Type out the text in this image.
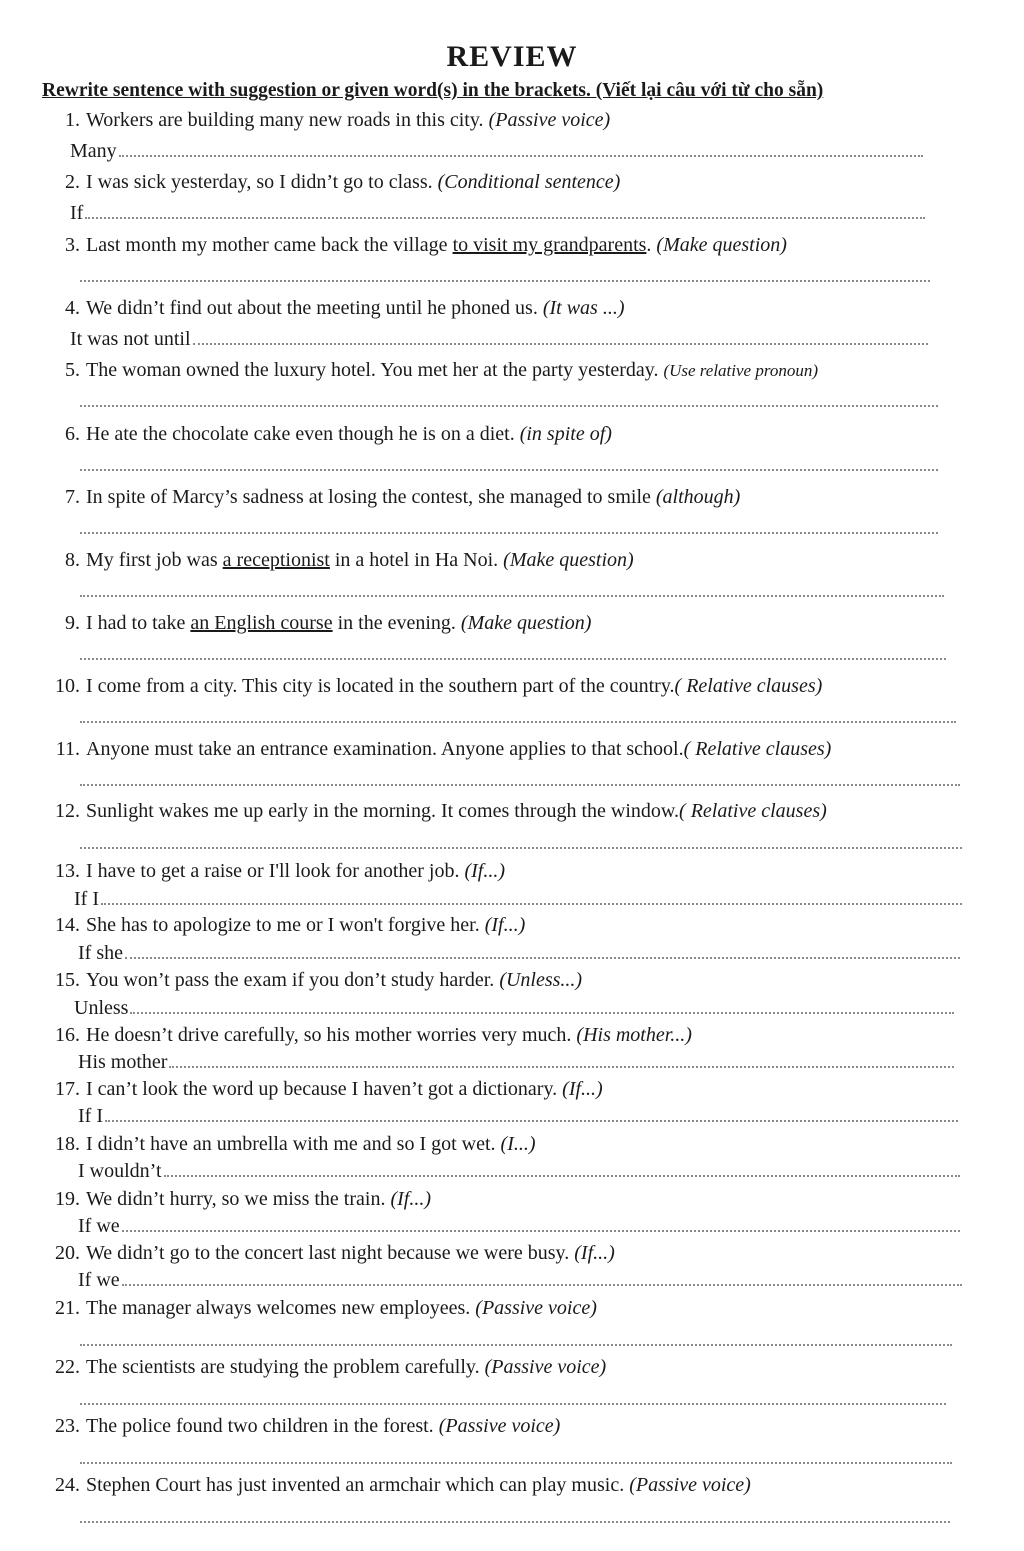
REVIEW
Rewrite sentence with suggestion or given word(s) in the brackets. (Viết lại câu với từ cho sẵn)
1. Workers are building many new roads in this city. (Passive voice)
Many
2. I was sick yesterday, so I didn’t go to class. (Conditional sentence)
If
3. Last month my mother came back the village to visit my grandparents. (Make question)
4. We didn’t find out about the meeting until he phoned us. (It was ...)
It was not until
5. The woman owned the luxury hotel. You met her at the party yesterday. (Use relative pronoun)
6. He ate the chocolate cake even though he is on a diet. (in spite of)
7. In spite of Marcy’s sadness at losing the contest, she managed to smile (although)
8. My first job was a receptionist in a hotel in Ha Noi. (Make question)
9. I had to take an English course in the evening. (Make question)
10. I come from a city. This city is located in the southern part of the country.( Relative clauses)
11. Anyone must take an entrance examination. Anyone applies to that school.( Relative clauses)
12. Sunlight wakes me up early in the morning. It comes through the window.( Relative clauses)
13. I have to get a raise or I'll look for another job. (If...)
If I
14. She has to apologize to me or I won't forgive her. (If...)
If she
15. You won’t pass the exam if you don’t study harder. (Unless...)
Unless
16. He doesn’t drive carefully, so his mother worries very much. (His mother...)
His mother
17. I can’t look the word up because I haven’t got a dictionary. (If...)
If I
18. I didn’t have an umbrella with me and so I got wet. (I...)
I wouldn’t
19. We didn’t hurry, so we miss the train. (If...)
If we
20. We didn’t go to the concert last night because we were busy. (If...)
If we
21. The manager always welcomes new employees. (Passive voice)
22. The scientists are studying the problem carefully. (Passive voice)
23. The police found two children in the forest. (Passive voice)
24. Stephen Court has just invented an armchair which can play music. (Passive voice)
